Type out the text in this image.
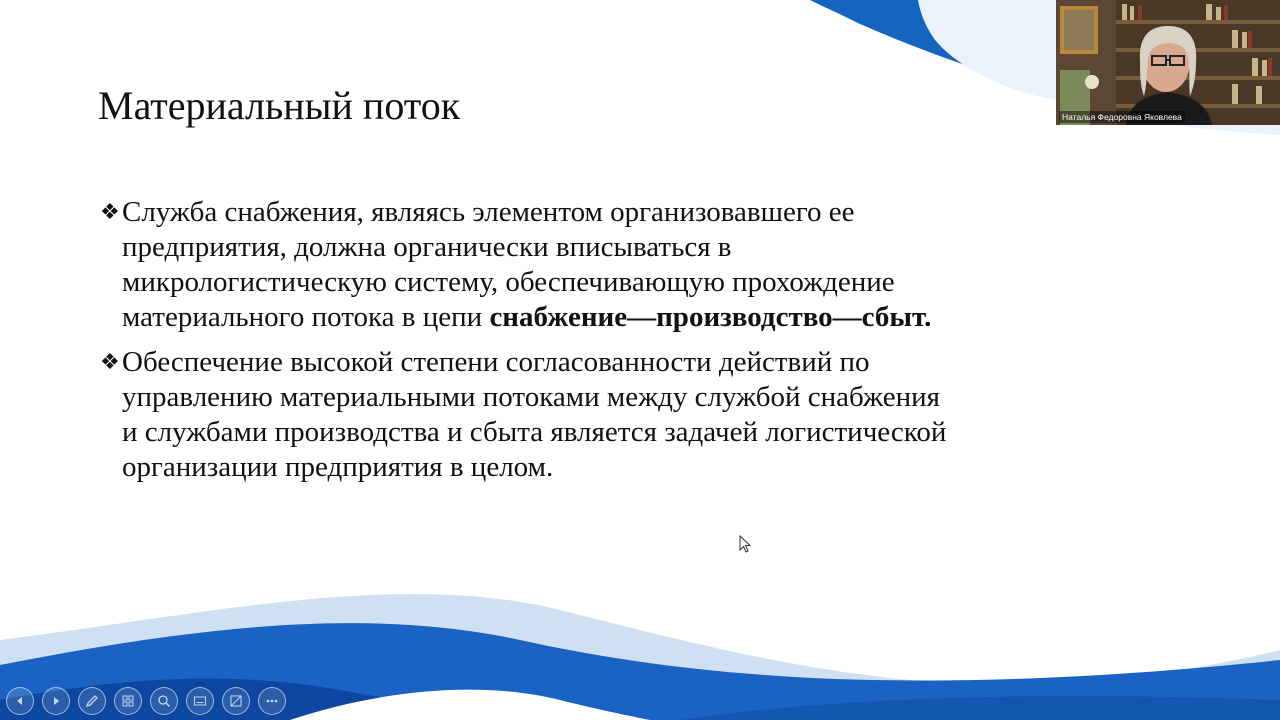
Материальный поток
❖ Служба снабжения, являясь элементом организовавшего ее предприятия, должна органически вписываться в микрологистическую систему, обеспечивающую прохождение материального потока в цепи снабжение—производство—сбыт.
❖ Обеспечение высокой степени согласованности действий по управлению материальными потоками между службой снабжения и службами производства и сбыта является задачей логистической организации предприятия в целом.
Наталья Федоровна Яковлева
